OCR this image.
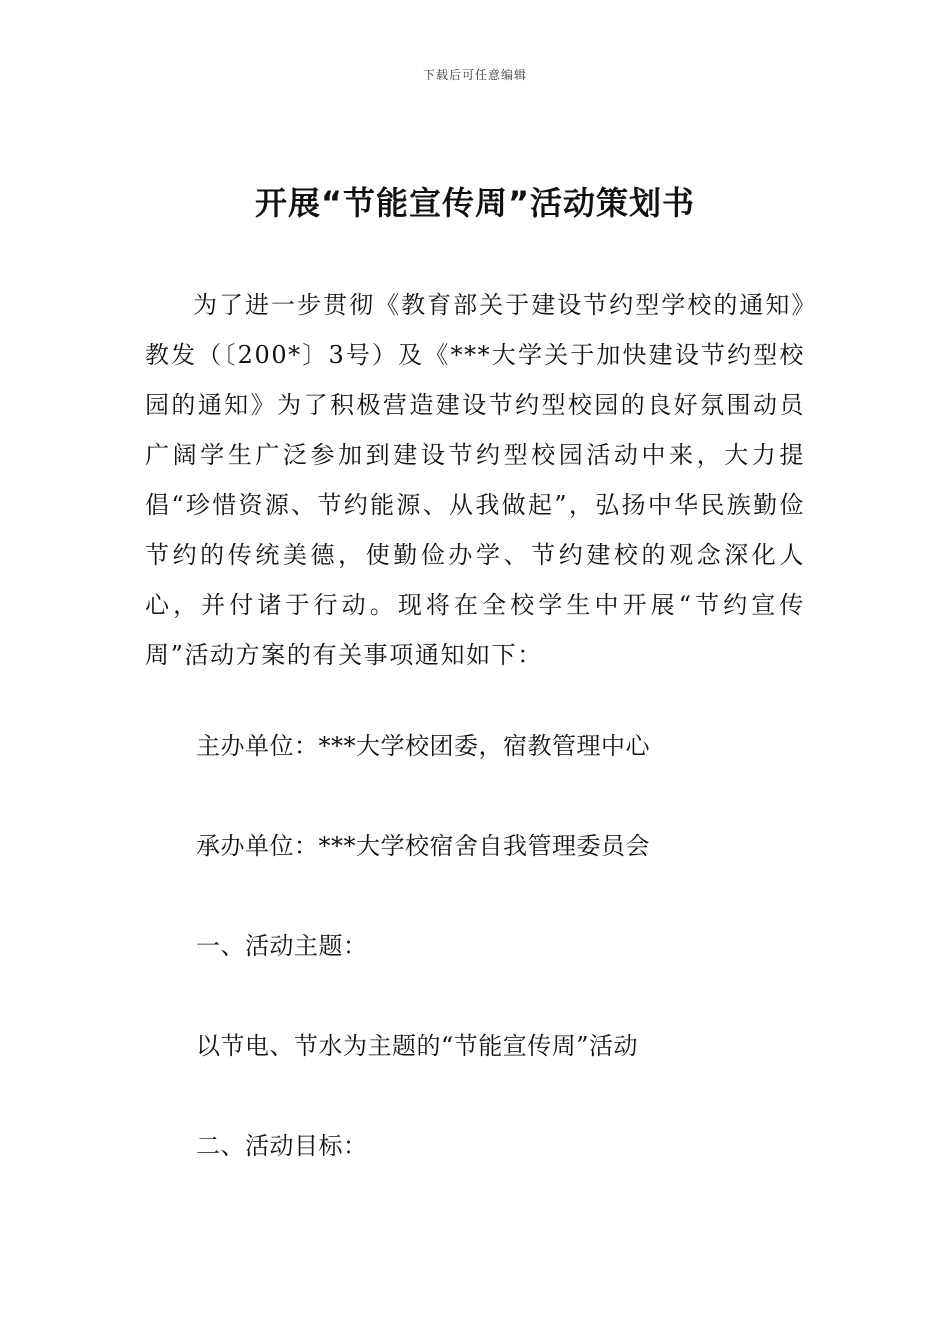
下载后可任意编辑
开展“节能宣传周”活动策划书

为了进一步贯彻《教育部关于建设节约型学校的通知》教发（〔200*〕3号）及《***大学关于加快建设节约型校园的通知》为了积极营造建设节约型校园的良好氛围动员广阔学生广泛参加到建设节约型校园活动中来，大力提倡“珍惜资源、节约能源、从我做起”，弘扬中华民族勤俭节约的传统美德，使勤俭办学、节约建校的观念深化人心，并付诸于行动。现将在全校学生中开展“节约宣传周”活动方案的有关事项通知如下：

主办单位：***大学校团委，宿教管理中心

承办单位：***大学校宿舍自我管理委员会

一、活动主题：

以节电、节水为主题的“节能宣传周”活动

二、活动目标：
